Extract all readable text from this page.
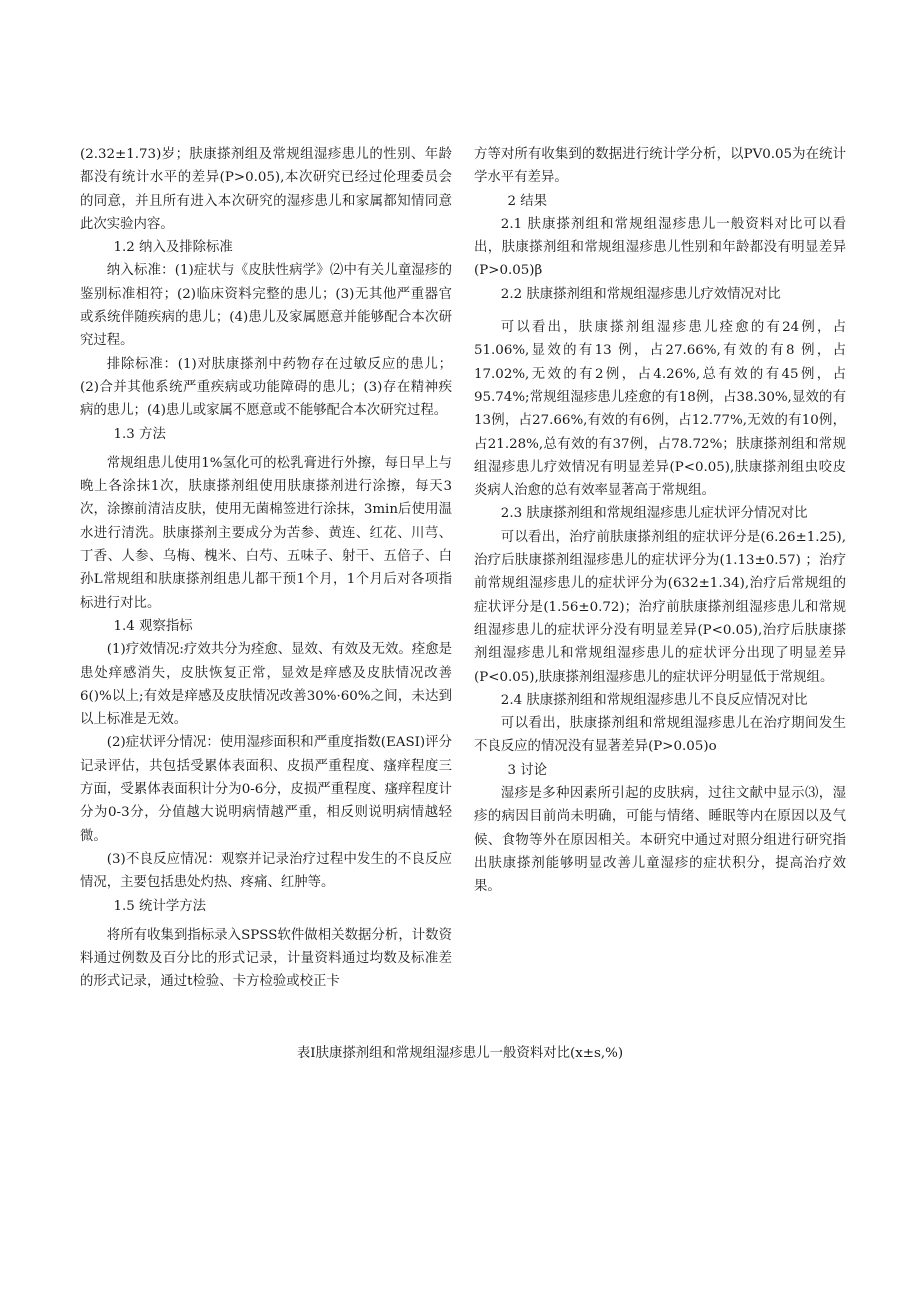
(2.32±1.73)岁；肤康搽剂组及常规组湿疹患儿的性别、年龄都没有统计水平的差异(P>0.05),本次研究已经过伦理委员会的同意，并且所有进入本次研究的湿疹患儿和家属都知情同意此次实验内容。

1.2 纳入及排除标准

纳入标准：(1)症状与《皮肤性病学》⑵中有关儿童湿疹的鉴别标准相符；(2)临床资料完整的患儿；(3)无其他严重器官或系统伴随疾病的患儿；(4)患儿及家属愿意并能够配合本次研究过程。

排除标准：(1)对肤康搽剂中药物存在过敏反应的患儿；(2)合并其他系统严重疾病或功能障碍的患儿；(3)存在精神疾病的患儿；(4)患儿或家属不愿意或不能够配合本次研究过程。

1.3 方法

常规组患儿使用1%氢化可的松乳膏进行外擦，每日早上与晚上各涂抹1次，肤康搽剂组使用肤康搽剂进行涂擦，每天3次，涂擦前清洁皮肤，使用无菌棉签进行涂抹，3min后使用温水进行清洗。肤康搽剂主要成分为苦参、黄连、红花、川芎、丁香、人参、乌梅、槐米、白芍、五味子、射干、五倍子、白孙L常规组和肤康搽剂组患儿都干预1个月，1个月后对各项指标进行对比。

1.4 观察指标

(1)疗效情况:疗效共分为痊愈、显效、有效及无效。痊愈是患处痒感消失，皮肤恢复正常，显效是痒感及皮肤情况改善6()%以上;有效是痒感及皮肤情况改善30%·60%之间，未达到以上标准是无效。

(2)症状评分情况：使用湿疹面积和严重度指数(EASI)评分记录评估，共包括受累体表面积、皮损严重程度、瘙痒程度三方面，受累体表面积计分为0-6分，皮损严重程度、瘙痒程度计分为0-3分，分值越大说明病情越严重，相反则说明病情越轻微。

(3)不良反应情况：观察并记录治疗过程中发生的不良反应情况，主要包括患处灼热、疼痛、红肿等。

1.5 统计学方法

将所有收集到指标录入SPSS软件做相关数据分析，计数资料通过例数及百分比的形式记录，计量资料通过均数及标准差的形式记录，通过t检验、卡方检验或校正卡

方等对所有收集到的数据进行统计学分析，以PV0.05为在统计学水平有差异。

2 结果

2.1 肤康搽剂组和常规组湿疹患儿一般资料对比可以看出，肤康搽剂组和常规组湿疹患儿性别和年龄都没有明显差异(P>0.05)β

2.2 肤康搽剂组和常规组湿疹患儿疗效情况对比

可以看出，肤康搽剂组湿疹患儿痊愈的有24例，占51.06%,显效的有13 例，占27.66%,有效的有8 例，占17.02%,无效的有2例，占4.26%,总有效的有45例，占95.74%;常规组湿疹患儿痊愈的有18例，占38.30%,显效的有13例，占27.66%,有效的有6例，占12.77%,无效的有10例，占21.28%,总有效的有37例，占78.72%；肤康搽剂组和常规组湿疹患儿疗效情况有明显差异(P<0.05),肤康搽剂组虫咬皮炎病人治愈的总有效率显著高于常规组。

2.3 肤康搽剂组和常规组湿疹患儿症状评分情况对比

可以看出，治疗前肤康搽剂组的症状评分是(6.26±1.25),治疗后肤康搽剂组湿疹患儿的症状评分为(1.13±0.57) ；治疗前常规组湿疹患儿的症状评分为(632±1.34),治疗后常规组的症状评分是(1.56±0.72)；治疗前肤康搽剂组湿疹患儿和常规组湿疹患儿的症状评分没有明显差异(P<0.05),治疗后肤康搽剂组湿疹患儿和常规组湿疹患儿的症状评分出现了明显差异(P<0.05),肤康搽剂组湿疹患儿的症状评分明显低于常规组。

2.4 肤康搽剂组和常规组湿疹患儿不良反应情况对比

可以看出，肤康搽剂组和常规组湿疹患儿在治疗期间发生不良反应的情况没有显著差异(P>0.05)o

3 讨论

湿疹是多种因素所引起的皮肤病，过往文献中显示⑶，湿疹的病因目前尚未明确，可能与情绪、睡眠等内在原因以及气候、食物等外在原因相关。本研究中通过对照分组进行研究指出肤康搽剂能够明显改善儿童湿疹的症状积分，提高治疗效果。

表I肤康搽剂组和常规组湿疹患儿一般资料对比(x±s,%)
